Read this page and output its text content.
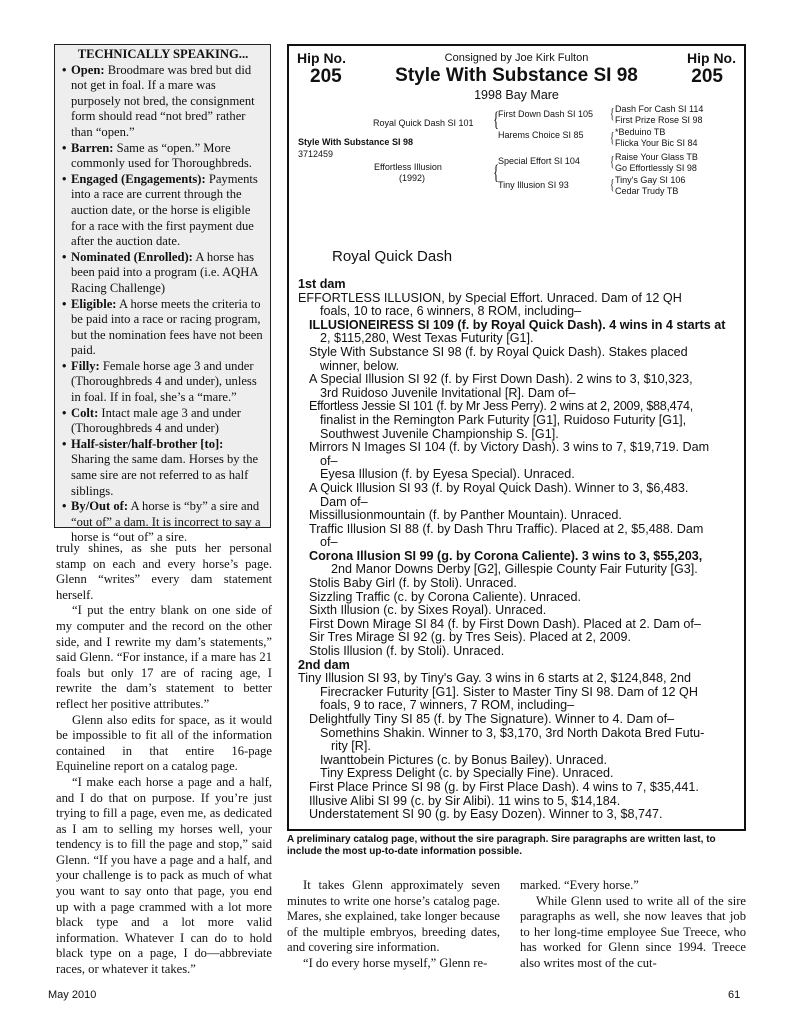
TECHNICALLY SPEAKING...
• Open: Broodmare was bred but did not get in foal. If a mare was purposely not bred, the consignment form should read “not bred” rather than “open.”
• Barren: Same as “open.” More commonly used for Thoroughbreds.
• Engaged (Engagements): Payments into a race are current through the auction date, or the horse is eligible for a race with the first payment due after the auction date.
• Nominated (Enrolled): A horse has been paid into a program (i.e. AQHA Racing Challenge)
• Eligible: A horse meets the criteria to be paid into a race or racing program, but the nomination fees have not been paid.
• Filly: Female horse age 3 and under (Thoroughbreds 4 and under), unless in foal. If in foal, she’s a “mare.”
• Colt: Intact male age 3 and under (Thoroughbreds 4 and under)
• Half-sister/half-brother [to]: Sharing the same dam. Horses by the same sire are not referred to as half siblings.
• By/Out of: A horse is “by” a sire and “out of” a dam. It is incorrect to say a horse is “out of” a sire.

truly shines, as she puts her personal stamp on each and every horse’s page. Glenn “writes” every dam statement herself.

“I put the entry blank on one side of my computer and the record on the other side, and I rewrite my dam’s statements,” said Glenn. “For instance, if a mare has 21 foals but only 17 are of racing age, I rewrite the dam’s statement to better reflect her positive attributes.”

Glenn also edits for space, as it would be impossible to fit all of the information contained in that entire 16-page Equineline report on a catalog page.

“I make each horse a page and a half, and I do that on purpose. If you’re just trying to fill a page, even me, as dedicated as I am to selling my horses well, your tendency is to fill the page and stop,” said Glenn. “If you have a page and a half, and your challenge is to pack as much of what you want to say onto that page, you end up with a page crammed with a lot more black type and a lot more valid information. Whatever I can do to hold black type on a page, I do—abbreviate races, or whatever it takes.”

Hip No.	Hip No.
205	205
Consigned by Joe Kirk Fulton
Style With Substance SI 98
1998 Bay Mare
Royal Quick Dash SI 101
Style With Substance SI 98
3712459
Effortless Illusion
(1992)
{
{
First Down Dash SI 105
Harems Choice SI 85
Special Effort SI 104
Tiny Illusion SI 93
{
{
{
{
Dash For Cash SI 114
First Prize Rose SI 98
*Beduino TB
Flicka Your Bic SI 84
Raise Your Glass TB
Go Effortlessly SI 98
Tiny's Gay SI 106
Cedar Trudy TB
Royal Quick Dash
1st dam
EFFORTLESS ILLUSION, by Special Effort. Unraced. Dam of 12 QH
foals, 10 to race, 6 winners, 8 ROM, including–
ILLUSIONEIRESS SI 109 (f. by Royal Quick Dash). 4 wins in 4 starts at
2, $115,280, West Texas Futurity [G1].
Style With Substance SI 98 (f. by Royal Quick Dash). Stakes placed
winner, below.
A Special Illusion SI 92 (f. by First Down Dash). 2 wins to 3, $10,323,
3rd Ruidoso Juvenile Invitational [R]. Dam of–
Effortless Jessie SI 101 (f. by Mr Jess Perry). 2 wins at 2, 2009, $88,474,
finalist in the Remington Park Futurity [G1], Ruidoso Futurity [G1],
Southwest Juvenile Championship S. [G1].
Mirrors N Images SI 104 (f. by Victory Dash). 3 wins to 7, $19,719. Dam
of–
Eyesa Illusion (f. by Eyesa Special). Unraced.
A Quick Illusion SI 93 (f. by Royal Quick Dash). Winner to 3, $6,483.
Dam of–
Missillusionmountain (f. by Panther Mountain). Unraced.
Traffic Illusion SI 88 (f. by Dash Thru Traffic). Placed at 2, $5,488. Dam
of–
Corona Illusion SI 99 (g. by Corona Caliente). 3 wins to 3, $55,203,
2nd Manor Downs Derby [G2], Gillespie County Fair Futurity [G3].
Stolis Baby Girl (f. by Stoli). Unraced.
Sizzling Traffic (c. by Corona Caliente). Unraced.
Sixth Illusion (c. by Sixes Royal). Unraced.
First Down Mirage SI 84 (f. by First Down Dash). Placed at 2. Dam of–
Sir Tres Mirage SI 92 (g. by Tres Seis). Placed at 2, 2009.
Stolis Illusion (f. by Stoli). Unraced.
2nd dam
Tiny Illusion SI 93, by Tiny's Gay. 3 wins in 6 starts at 2, $124,848, 2nd
Firecracker Futurity [G1]. Sister to Master Tiny SI 98. Dam of 12 QH
foals, 9 to race, 7 winners, 7 ROM, including–
Delightfully Tiny SI 85 (f. by The Signature). Winner to 4. Dam of–
Somethins Shakin. Winner to 3, $3,170, 3rd North Dakota Bred Futu-
rity [R].
Iwanttobein Pictures (c. by Bonus Bailey). Unraced.
Tiny Express Delight (c. by Specially Fine). Unraced.
First Place Prince SI 98 (g. by First Place Dash). 4 wins to 7, $35,441.
Illusive Alibi SI 99 (c. by Sir Alibi). 11 wins to 5, $14,184.
Understatement SI 90 (g. by Easy Dozen). Winner to 3, $8,747.
A preliminary catalog page, without the sire paragraph. Sire paragraphs are written last, to include the most up-to-date information possible.

It takes Glenn approximately seven minutes to write one horse’s catalog page. Mares, she explained, take longer because of the multiple embryos, breeding dates, and covering sire information.

“I do every horse myself,” Glenn re-

marked. “Every horse.”

While Glenn used to write all of the sire paragraphs as well, she now leaves that job to her long-time employee Sue Treece, who has worked for Glenn since 1994. Treece also writes most of the cut-

May 2010	61
